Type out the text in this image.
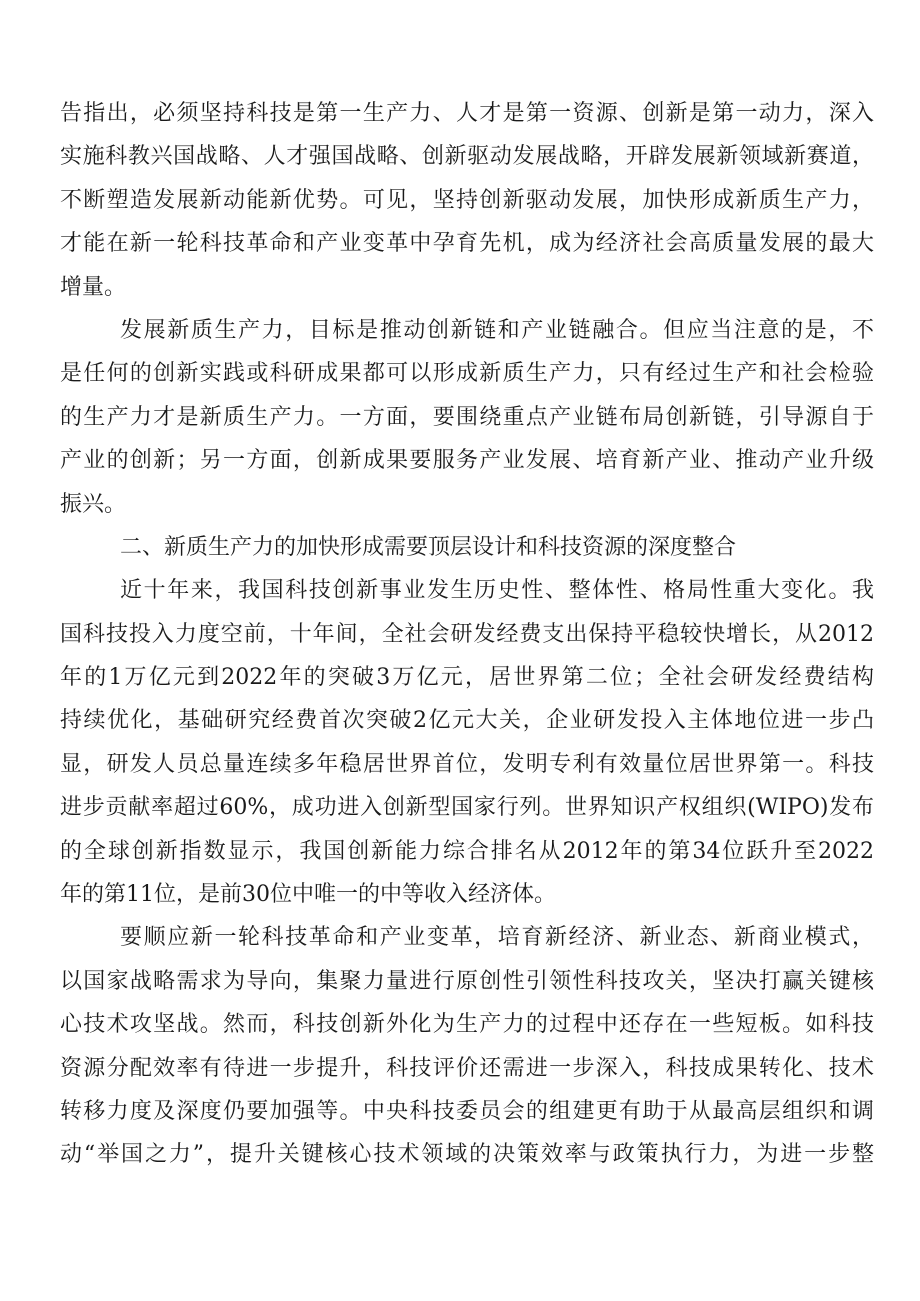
告指出，必须坚持科技是第一生产力、人才是第一资源、创新是第一动力，深入
实施科教兴国战略、人才强国战略、创新驱动发展战略，开辟发展新领域新赛道，
不断塑造发展新动能新优势。可见，坚持创新驱动发展，加快形成新质生产力，
才能在新一轮科技革命和产业变革中孕育先机，成为经济社会高质量发展的最大
增量。
发展新质生产力，目标是推动创新链和产业链融合。但应当注意的是，不
是任何的创新实践或科研成果都可以形成新质生产力，只有经过生产和社会检验
的生产力才是新质生产力。一方面，要围绕重点产业链布局创新链，引导源自于
产业的创新；另一方面，创新成果要服务产业发展、培育新产业、推动产业升级
振兴。
二、新质生产力的加快形成需要顶层设计和科技资源的深度整合
近十年来，我国科技创新事业发生历史性、整体性、格局性重大变化。我
国科技投入力度空前，十年间，全社会研发经费支出保持平稳较快增长，从2012
年的1万亿元到2022年的突破3万亿元，居世界第二位；全社会研发经费结构
持续优化，基础研究经费首次突破2亿元大关，企业研发投入主体地位进一步凸
显，研发人员总量连续多年稳居世界首位，发明专利有效量位居世界第一。科技
进步贡献率超过60%，成功进入创新型国家行列。世界知识产权组织(WIPO)发布
的全球创新指数显示，我国创新能力综合排名从2012年的第34位跃升至2022
年的第11位，是前30位中唯一的中等收入经济体。
要顺应新一轮科技革命和产业变革，培育新经济、新业态、新商业模式，
以国家战略需求为导向，集聚力量进行原创性引领性科技攻关，坚决打赢关键核
心技术攻坚战。然而，科技创新外化为生产力的过程中还存在一些短板。如科技
资源分配效率有待进一步提升，科技评价还需进一步深入，科技成果转化、技术
转移力度及深度仍要加强等。中央科技委员会的组建更有助于从最高层组织和调
动“举国之力”，提升关键核心技术领域的决策效率与政策执行力，为进一步整
